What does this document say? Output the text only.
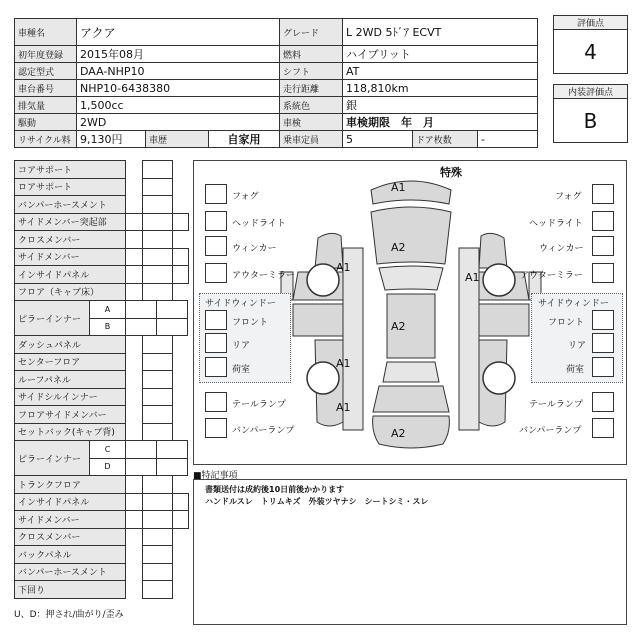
車種名	アクア	グレード	L 2WD 5ﾄﾞｱ ECVT
初年度登録	2015年08月	燃料	ハイブリット
認定型式	DAA-NHP10	シフト	AT
車台番号	NHP10-6438380	走行距離	118,810km
排気量	1,500cc	系統色	銀
駆動	2WD	車検	車検期限　年　月
リサイクル料 9,130円	車歴	自家用	乗車定員	5	ドア枚数	-
評価点
4
内装評価点
B
コアサポート
ロアサポート
バンパーホースメント
サイドメンバー突起部
クロスメンバー
サイドメンバー
インサイドパネル
フロア（キャブ床）
ピラーインナー
A
B
ダッシュパネル
センターフロア
ルーフパネル
サイドシルインナー
フロアサイドメンバー
セットバック(キャブ背)
ピラーインナー
C
D
トランクフロア
インサイドパネル
サイドメンバー
クロスメンバー
バックパネル
バンパーホースメント
下回り
U、D：押され/曲がり/歪み
特殊
A1
A2
A1
A1
A2
A1
A1
A2
フォグ
ヘッドライト
ウィンカー
アウターミラー
サイドウィンドー
フロント
リア
荷室
テールランプ
バンパーランプ
フォグ
ヘッドライト
ウィンカー
アウターミラー
サイドウィンドー
フロント
リア
荷室
テールランプ
バンパーランプ
■特記事項
書類送付は成約後10日前後かかります
ハンドルスレ　トリムキズ　外装ツヤナシ　シートシミ・スレ
